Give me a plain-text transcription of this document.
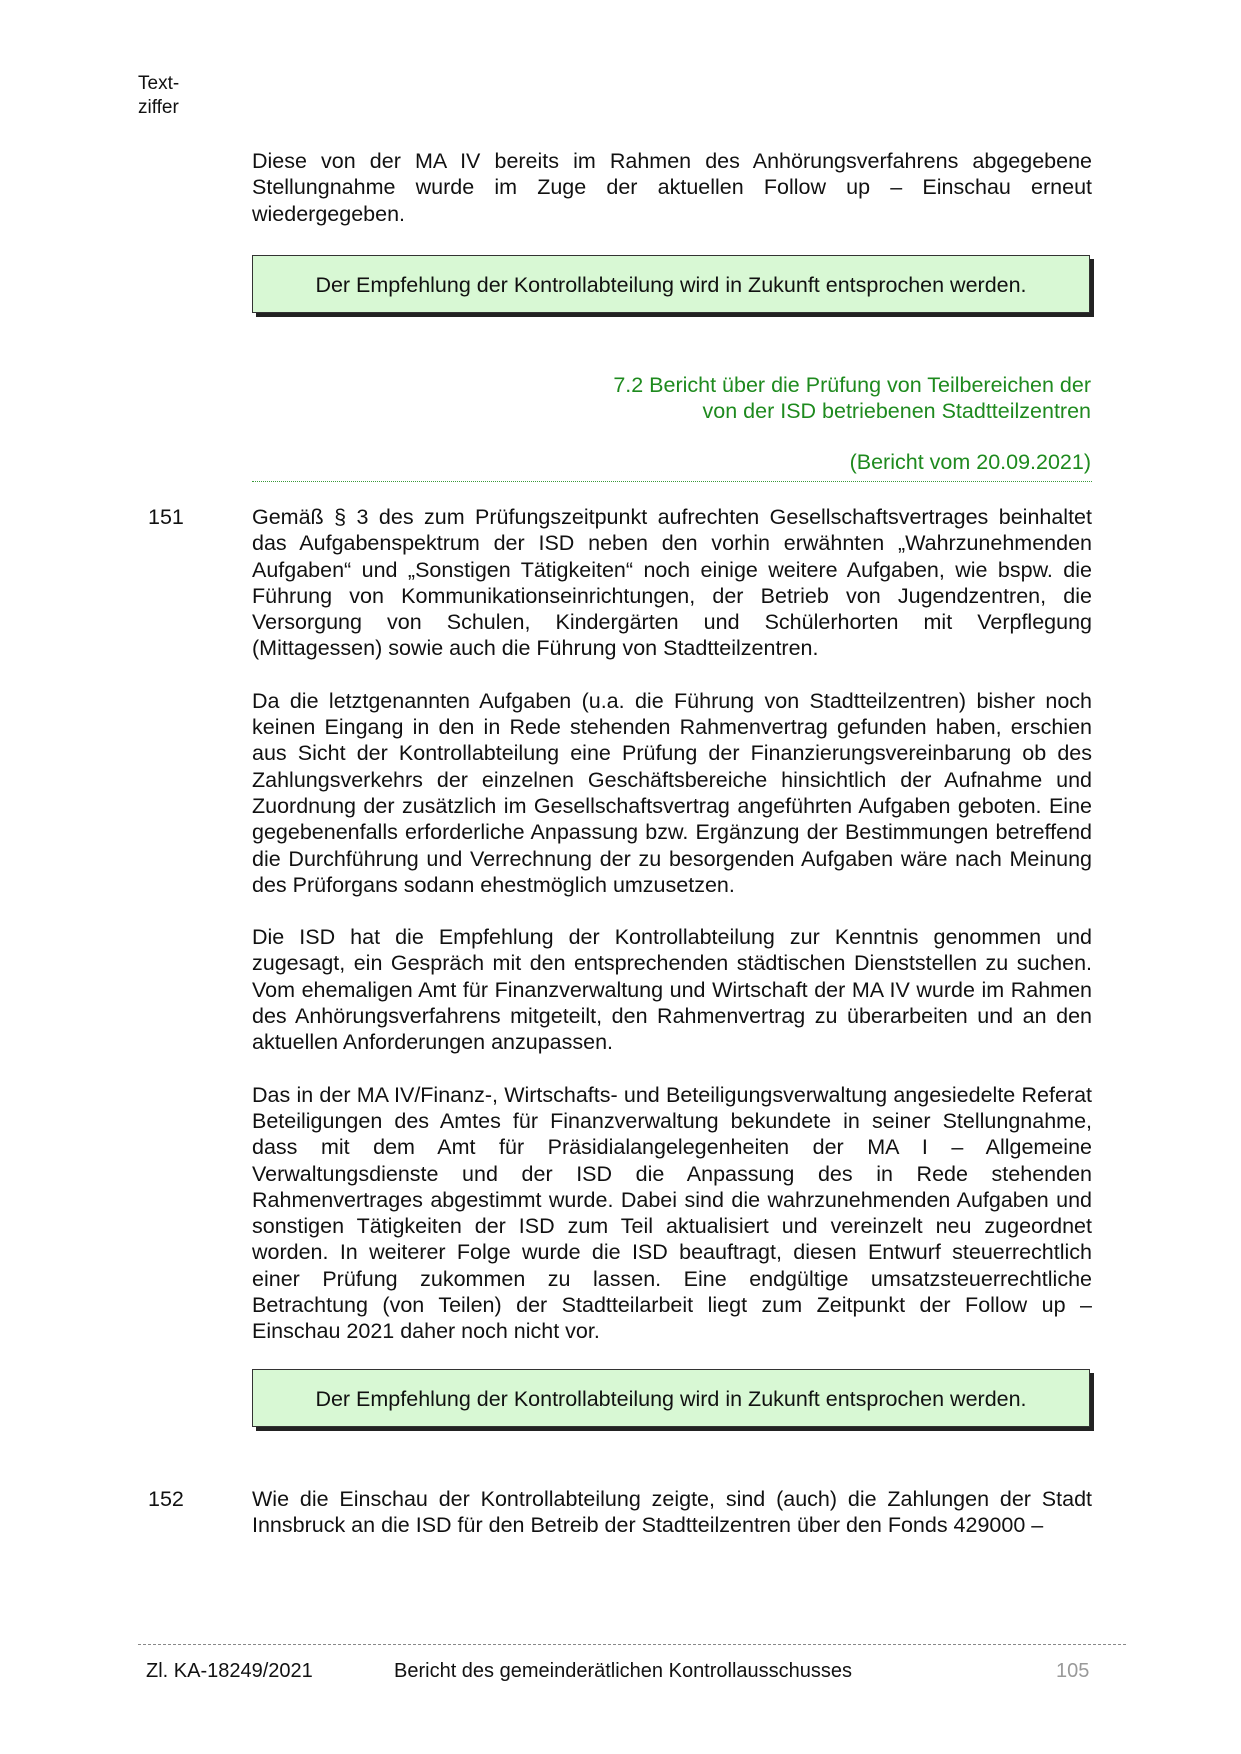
Text-
ziffer

Diese von der MA IV bereits im Rahmen des Anhörungsverfahrens abgegebene Stellungnahme wurde im Zuge der aktuellen Follow up – Einschau erneut wiedergegeben.

Der Empfehlung der Kontrollabteilung wird in Zukunft entsprochen werden.
7.2 Bericht über die Prüfung von Teilbereichen der
von der ISD betriebenen Stadtteilzentren
(Bericht vom 20.09.2021)
151	Gemäß § 3 des zum Prüfungszeitpunkt aufrechten Gesellschaftsvertrages beinhaltet das Aufgabenspektrum der ISD neben den vorhin erwähnten „Wahrzunehmenden Aufgaben“ und „Sonstigen Tätigkeiten“ noch einige weitere Aufgaben, wie bspw. die Führung von Kommunikationseinrichtungen, der Betrieb von Jugendzentren, die Versorgung von Schulen, Kindergärten und Schülerhorten mit Verpflegung (Mittagessen) sowie auch die Führung von Stadtteilzentren.

Da die letztgenannten Aufgaben (u.a. die Führung von Stadtteilzentren) bisher noch keinen Eingang in den in Rede stehenden Rahmenvertrag gefunden haben, erschien aus Sicht der Kontrollabteilung eine Prüfung der Finanzierungsvereinbarung ob des Zahlungsverkehrs der einzelnen Geschäftsbereiche hinsichtlich der Aufnahme und Zuordnung der zusätzlich im Gesellschaftsvertrag angeführten Aufgaben geboten. Eine gegebenenfalls erforderliche Anpassung bzw. Ergänzung der Bestimmungen betreffend die Durchführung und Verrechnung der zu besorgenden Aufgaben wäre nach Meinung des Prüforgans sodann ehestmöglich umzusetzen.

Die ISD hat die Empfehlung der Kontrollabteilung zur Kenntnis genommen und zugesagt, ein Gespräch mit den entsprechenden städtischen Dienststellen zu suchen. Vom ehemaligen Amt für Finanzverwaltung und Wirtschaft der MA IV wurde im Rahmen des Anhörungsverfahrens mitgeteilt, den Rahmenvertrag zu überarbeiten und an den aktuellen Anforderungen anzupassen.

Das in der MA IV/Finanz-, Wirtschafts- und Beteiligungsverwaltung angesiedelte Referat Beteiligungen des Amtes für Finanzverwaltung bekundete in seiner Stellungnahme, dass mit dem Amt für Präsidialangelegenheiten der MA I – Allgemeine Verwaltungsdienste und der ISD die Anpassung des in Rede stehenden Rahmenvertrages abgestimmt wurde. Dabei sind die wahrzunehmenden Aufgaben und sonstigen Tätigkeiten der ISD zum Teil aktualisiert und vereinzelt neu zugeordnet worden. In weiterer Folge wurde die ISD beauftragt, diesen Entwurf steuerrechtlich einer Prüfung zukommen zu lassen. Eine endgültige umsatzsteuerrechtliche Betrachtung (von Teilen) der Stadtteilarbeit liegt zum Zeitpunkt der Follow up – Einschau 2021 daher noch nicht vor.

Der Empfehlung der Kontrollabteilung wird in Zukunft entsprochen werden.
152	Wie die Einschau der Kontrollabteilung zeigte, sind (auch) die Zahlungen der Stadt Innsbruck an die ISD für den Betreib der Stadtteilzentren über den Fonds 429000 –

Zl. KA-18249/2021	Bericht des gemeinderätlichen Kontrollausschusses	105
